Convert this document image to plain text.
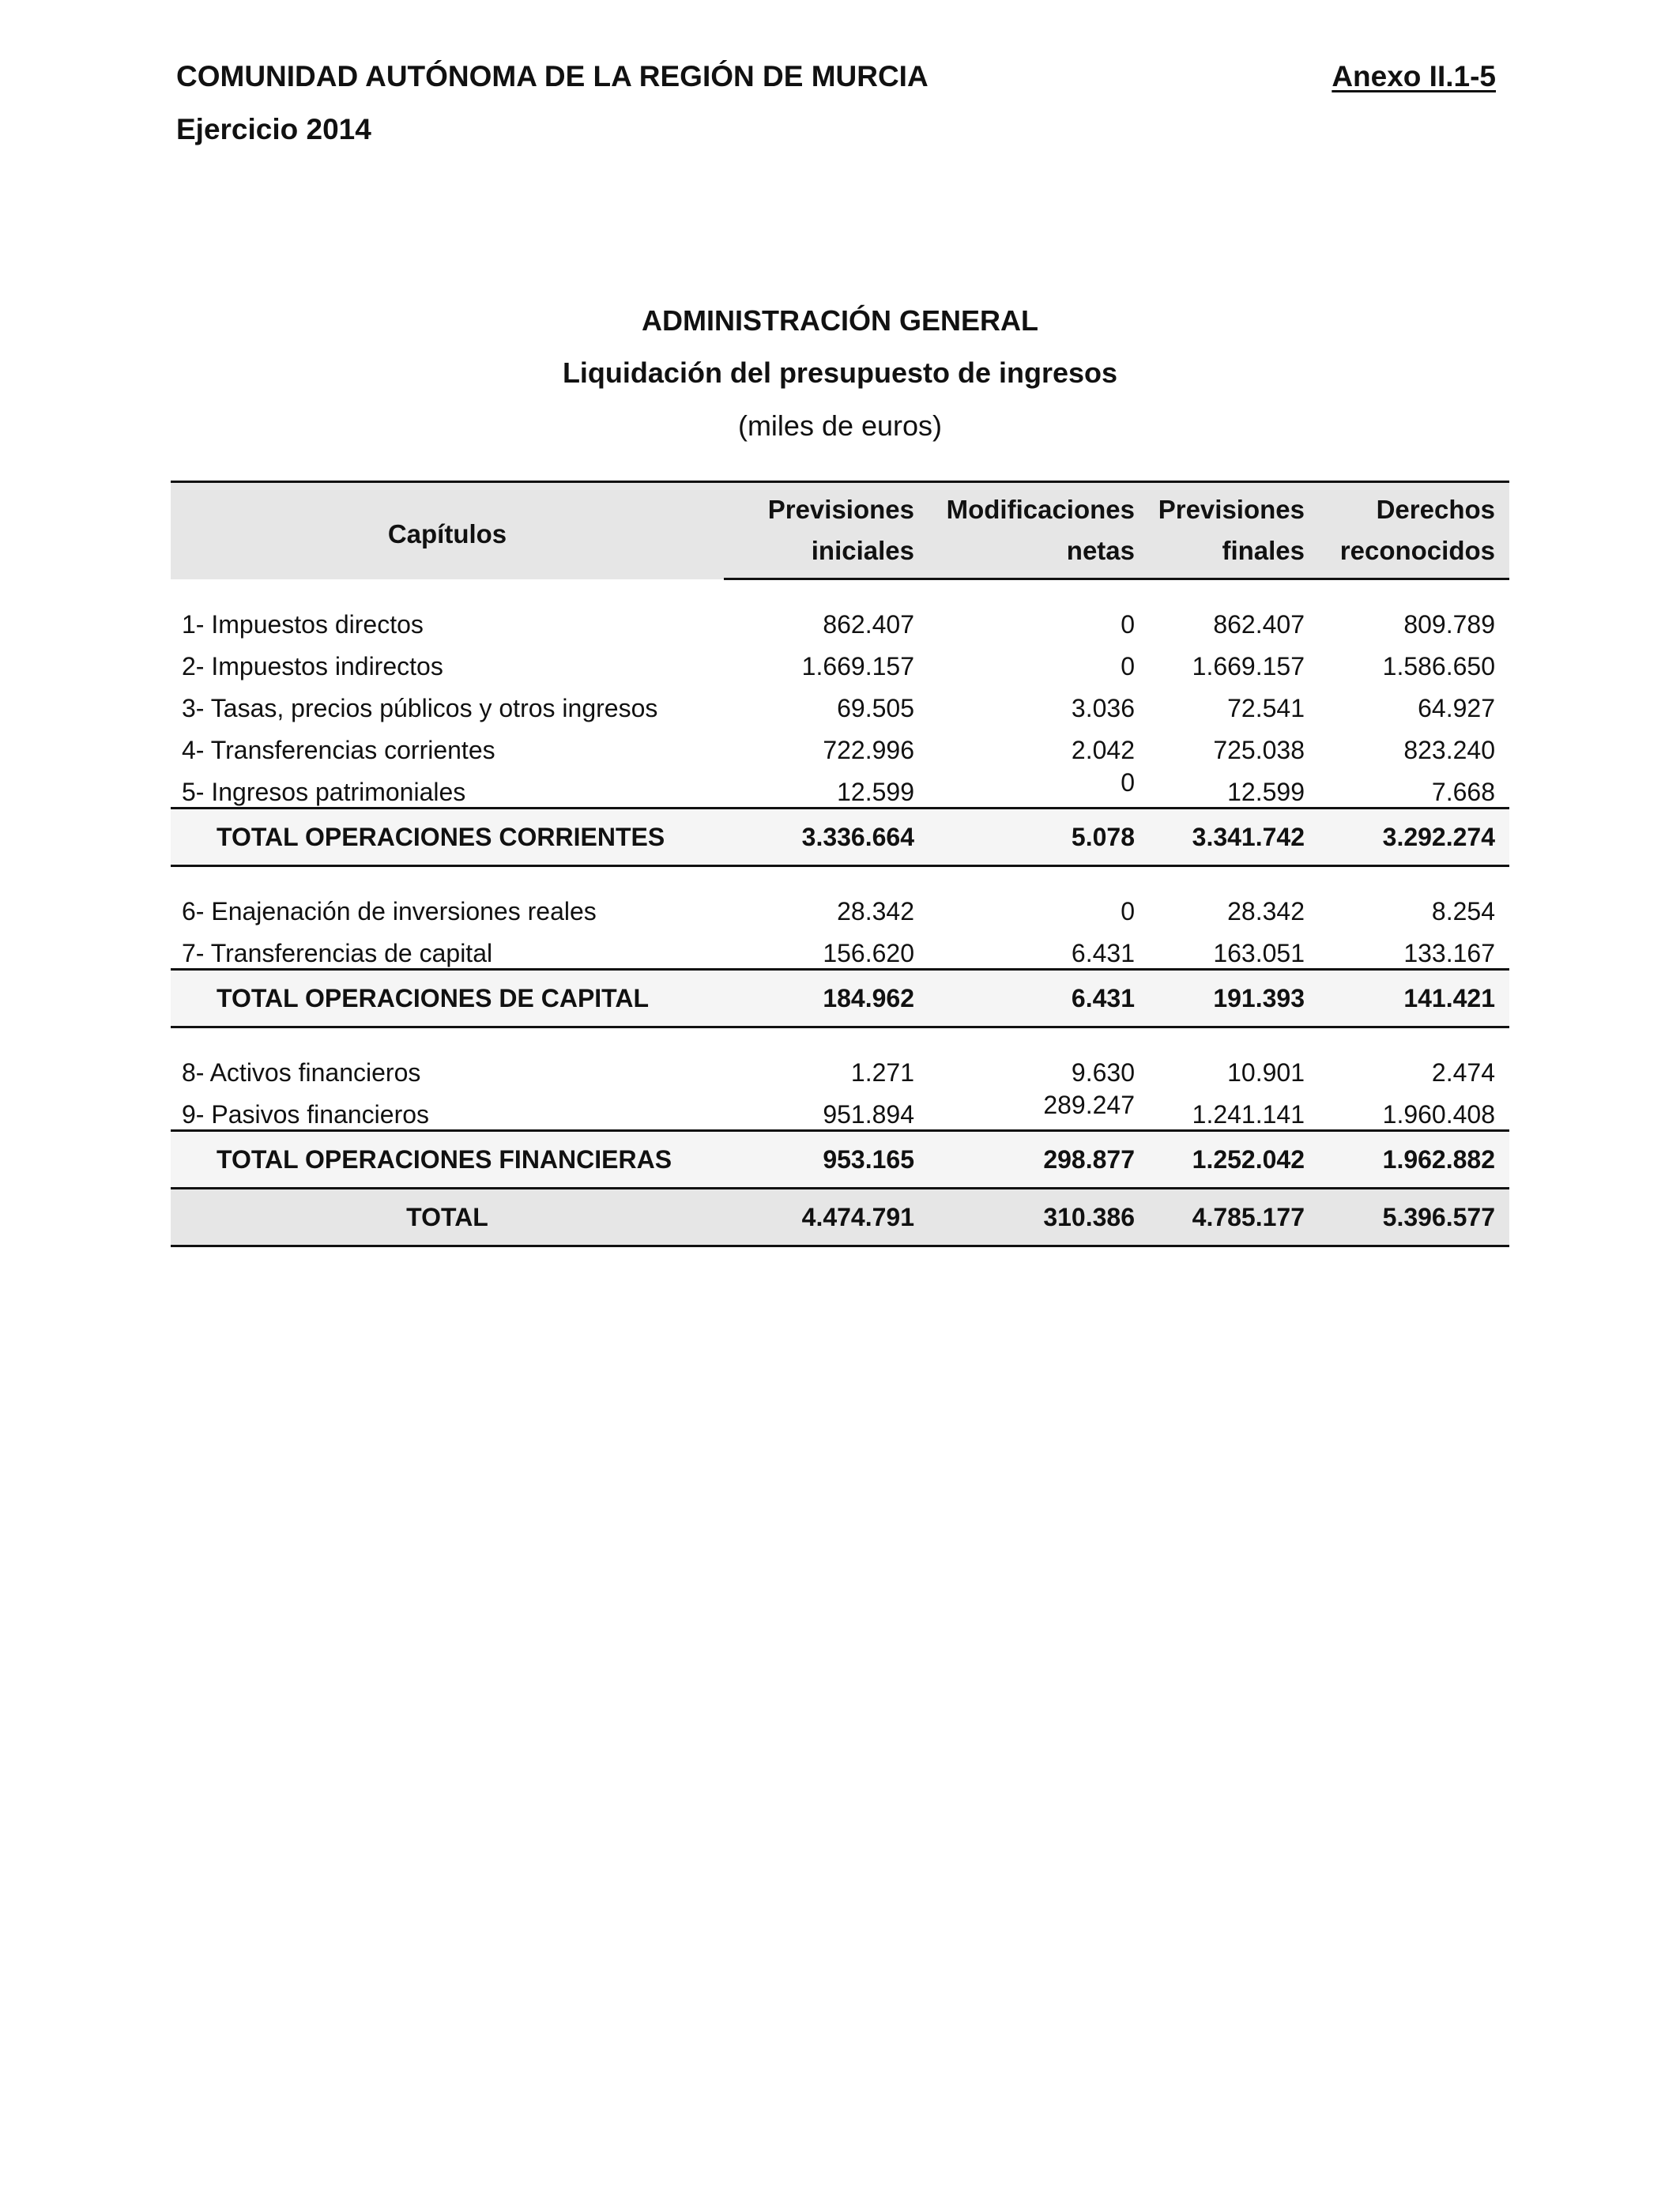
COMUNIDAD AUTÓNOMA DE LA REGIÓN DE MURCIA	Anexo II.1-5
Ejercicio 2014
ADMINISTRACIÓN GENERAL
Liquidación del presupuesto de ingresos
(miles de euros)
Capítulos	Previsiones	Modificaciones	Previsiones	Derechos
	iniciales	netas	finales	reconocidos

1- Impuestos directos	862.407	0	862.407	809.789
2- Impuestos indirectos	1.669.157	0	1.669.157	1.586.650
3- Tasas, precios públicos y otros ingresos	69.505	3.036	72.541	64.927
4- Transferencias corrientes	722.996	2.042	725.038	823.240
5- Ingresos patrimoniales	12.599	0	12.599	7.668
TOTAL OPERACIONES CORRIENTES	3.336.664	5.078	3.341.742	3.292.274

6- Enajenación de inversiones reales	28.342	0	28.342	8.254
7- Transferencias de capital	156.620	6.431	163.051	133.167
TOTAL OPERACIONES DE CAPITAL	184.962	6.431	191.393	141.421

8- Activos financieros	1.271	9.630	10.901	2.474
9- Pasivos financieros	951.894	289.247	1.241.141	1.960.408
TOTAL OPERACIONES FINANCIERAS	953.165	298.877	1.252.042	1.962.882
TOTAL	4.474.791	310.386	4.785.177	5.396.577
